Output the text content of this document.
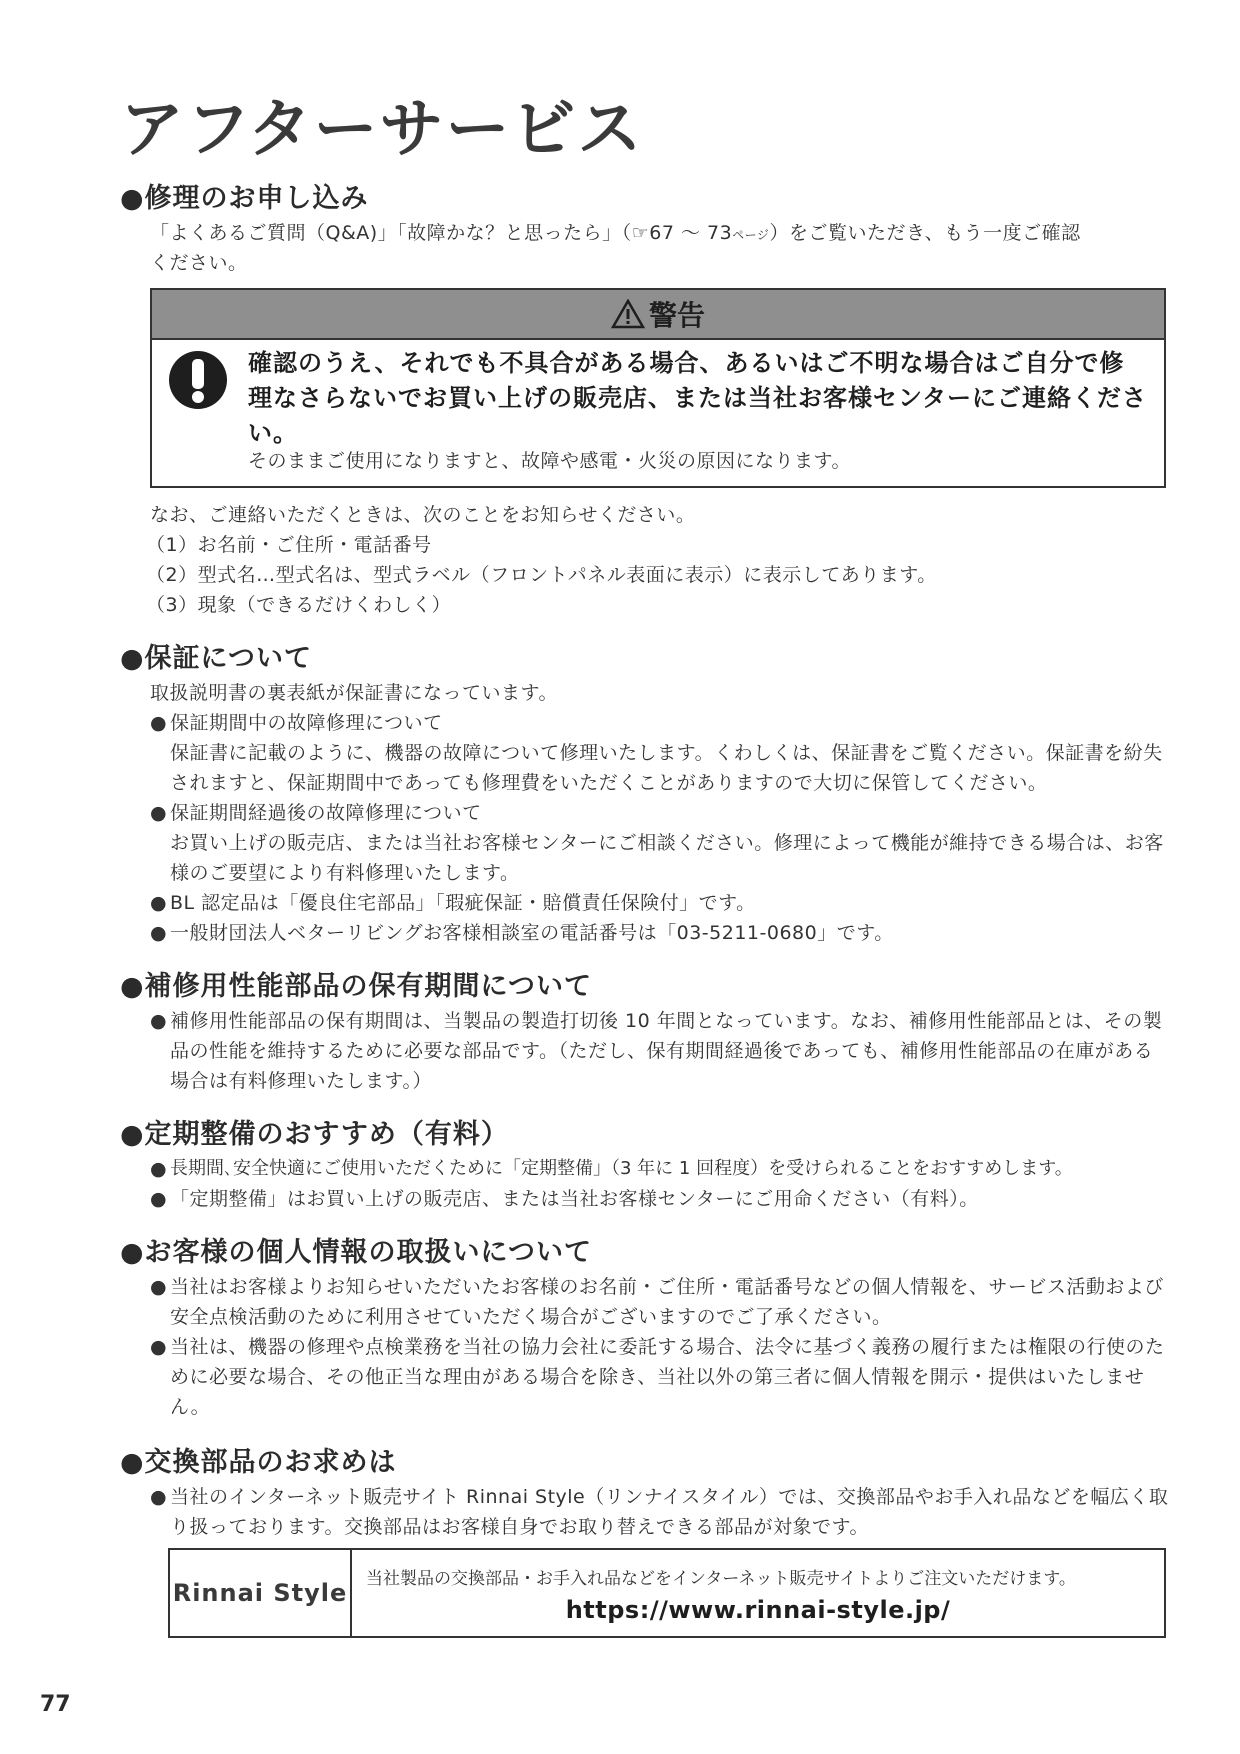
アフターサービス
●修理のお申し込み
「よくあるご質問（Q&A)」「故障かな？と思ったら」（☞67 ～ 73ページ）をご覧いただき、もう一度ご確認
ください。
警告
確認のうえ、それでも不具合がある場合、あるいはご不明な場合はご自分で修理なさらないでお買い上げの販売店、または当社お客様センターにご連絡ください。
そのままご使用になりますと、故障や感電・火災の原因になります。
なお、ご連絡いただくときは、次のことをお知らせください。
（1）お名前・ご住所・電話番号
（2）型式名…型式名は、型式ラベル（フロントパネル表面に表示）に表示してあります。
（3）現象（できるだけくわしく）
●保証について
取扱説明書の裏表紙が保証書になっています。
● 保証期間中の故障修理について
保証書に記載のように、機器の故障について修理いたします。くわしくは、保証書をご覧ください。保証書を紛失されますと、保証期間中であっても修理費をいただくことがありますので大切に保管してください。
● 保証期間経過後の故障修理について
お買い上げの販売店、または当社お客様センターにご相談ください。修理によって機能が維持できる場合は、お客様のご要望により有料修理いたします。
● BL 認定品は「優良住宅部品」「瑕疵保証・賠償責任保険付」です。
● 一般財団法人ベターリビングお客様相談室の電話番号は「03-5211-0680」です。
●補修用性能部品の保有期間について
● 補修用性能部品の保有期間は、当製品の製造打切後 10 年間となっています。なお、補修用性能部品とは、その製品の性能を維持するために必要な部品です。（ただし、保有期間経過後であっても、補修用性能部品の在庫がある場合は有料修理いたします。）
●定期整備のおすすめ（有料）
● 長期間､安全快適にご使用いただくために「定期整備」（3 年に 1 回程度）を受けられることをおすすめします。
● 「定期整備」はお買い上げの販売店、または当社お客様センターにご用命ください（有料）。
●お客様の個人情報の取扱いについて
● 当社はお客様よりお知らせいただいたお客様のお名前・ご住所・電話番号などの個人情報を、サービス活動および安全点検活動のために利用させていただく場合がございますのでご了承ください。
● 当社は、機器の修理や点検業務を当社の協力会社に委託する場合、法令に基づく義務の履行または権限の行使のために必要な場合、その他正当な理由がある場合を除き、当社以外の第三者に個人情報を開示・提供はいたしません。
●交換部品のお求めは
● 当社のインターネット販売サイト Rinnai Style（リンナイスタイル）では、交換部品やお手入れ品などを幅広く取り扱っております。交換部品はお客様自身でお取り替えできる部品が対象です。
Rinnai Style 当社製品の交換部品・お手入れ品などをインターネット販売サイトよりご注文いただけます。
https://www.rinnai-style.jp/
77
